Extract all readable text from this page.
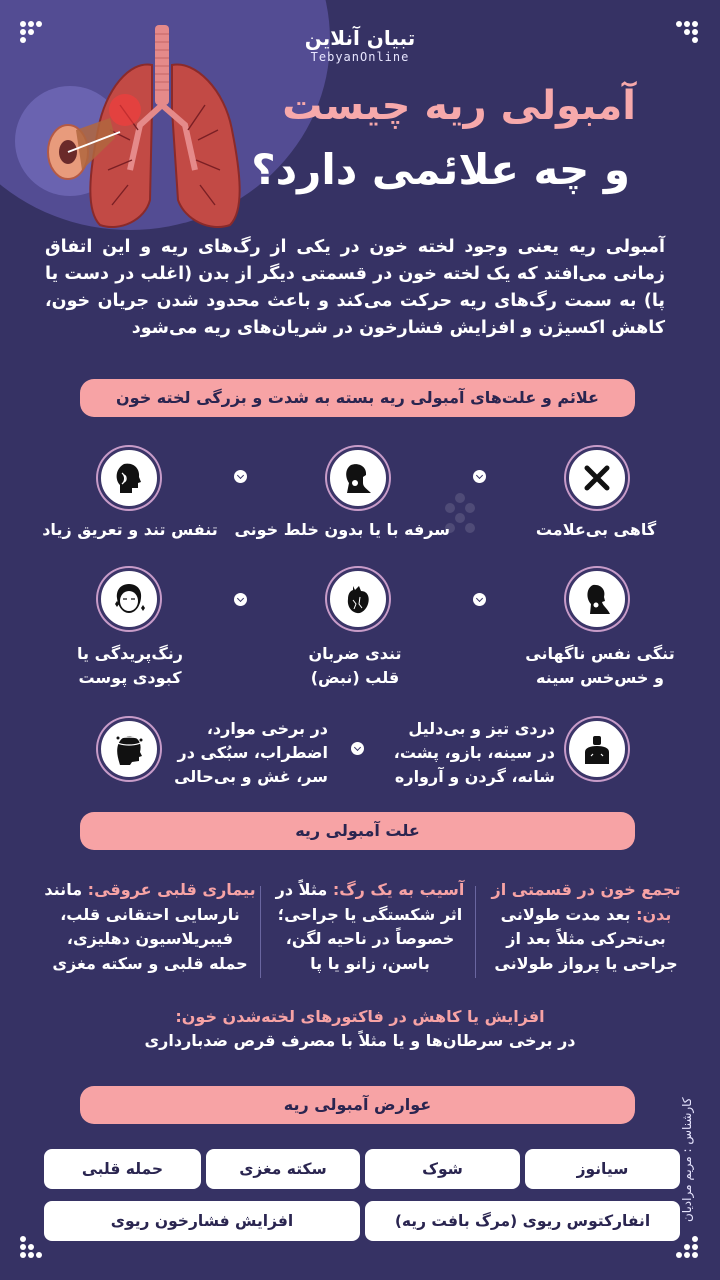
تبیان آنلاین
TebyanOnline
آمبولی ریه چیست
و چه علائمی دارد؟
آمبولی ریه یعنی وجود لخته خون در یکی از رگ‌های ریه و این اتفاق زمانی می‌افتد که یک لخته خون در قسمتی دیگر از بدن (اغلب در دست یا پا) به سمت رگ‌های ریه حرکت می‌کند و باعث محدود شدن جریان خون، کاهش اکسیژن و افزایش فشارخون در شریان‌های ریه می‌شود
علائم و علت‌های آمبولی ریه بسته به شدت و بزرگی لخته خون
گاهی بی‌علامت
سرفه با یا بدون خلط خونی
تنفس تند و تعریق زیاد
تنگی نفس ناگهانی
و خس‌خس سینه
تندی ضربان
قلب (نبض)
رنگ‌پریدگی یا
کبودی پوست
دردی تیز و بی‌دلیل
در سینه، بازو، پشت،
شانه، گردن و آرواره
در برخی موارد،
اضطراب، سبُکی در
سر، غش و بی‌حالی
علت آمبولی ریه
تجمع خون در قسمتی از
بدن: بعد مدت طولانی
بی‌تحرکی مثلاً بعد از
جراحی یا پرواز طولانی
آسیب به یک رگ: مثلاً در
اثر شکستگی یا جراحی؛
خصوصاً در ناحیه لگن،
باسن، زانو یا پا
بیماری قلبی عروقی: مانند
نارسایی احتقانی قلب،
فیبریلاسیون دهلیزی،
حمله قلبی و سکته مغزی
افزایش یا کاهش در فاکتورهای لخته‌شدن خون:
در برخی سرطان‌ها و یا مثلاً با مصرف قرص ضدبارداری
عوارض آمبولی ریه
سیانوز
شوک
سکته مغزی
حمله قلبی
انفارکتوس ریوی (مرگ بافت ریه)
افزایش فشارخون ریوی	کارشناس : مریم مرادیان
